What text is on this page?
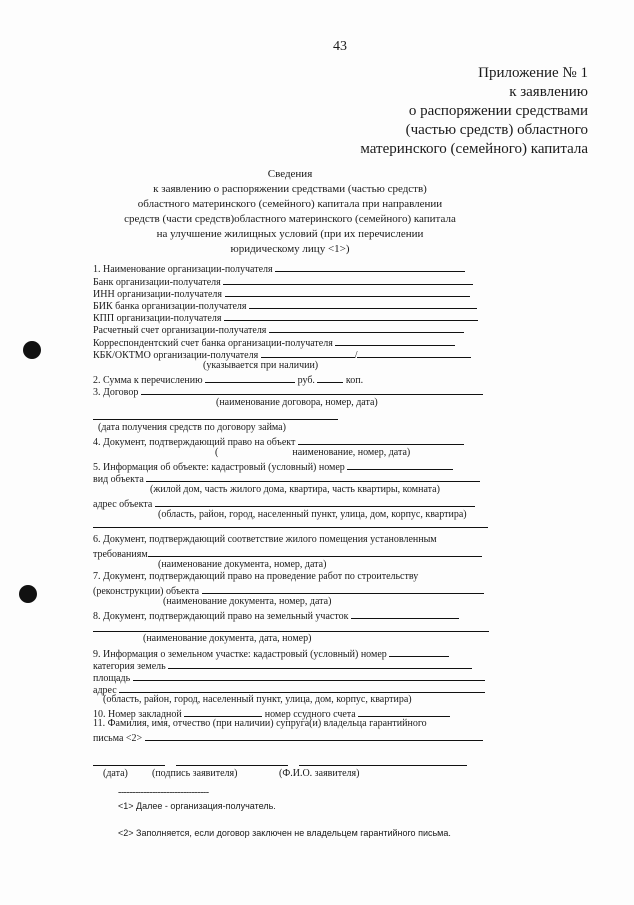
43
Приложение № 1
к заявлению
о распоряжении средствами
(частью средств) областного
материнского (семейного) капитала
Сведения
к заявлению о распоряжении средствами (частью средств)
областного материнского (семейного) капитала при направлении
средств (части средств)областного материнского (семейного) капитала
на улучшение жилищных условий (при их перечислении
юридическому лицу <1>)
1. Наименование организации-получателя
Банк организации-получателя
ИНН организации-получателя
БИК банка организации-получателя
КПП организации-получателя
Расчетный счет организации-получателя
Корреспондентский счет банка организации-получателя
КБК/ОКТМО организации-получателя	/
(указывается при наличии)
2. Сумма к перечислению	руб.	коп.
3. Договор
(наименование договора, номер, дата)
(дата получения средств по договору займа)
4. Документ, подтверждающий право на объект
(	наименование, номер, дата)
5. Информация об объекте: кадастровый (условный) номер
вид объекта
(жилой дом, часть жилого дома, квартира, часть квартиры, комната)
адрес объекта
(область, район, город, населенный пункт, улица, дом, корпус, квартира)
6. Документ, подтверждающий соответствие жилого помещения установленным
требованиям
(наименование документа, номер, дата)
7. Документ, подтверждающий право на проведение работ по строительству
(реконструкции) объекта
(наименование документа, номер, дата)
8. Документ, подтверждающий право на земельный участок
(наименование документа, дата, номер)
9. Информация о земельном участке: кадастровый (условный) номер
категория земель
площадь
адрес
(область, район, город, населенный пункт, улица, дом, корпус, квартира)
10. Номер закладной	номер ссудного счета
11. Фамилия, имя, отчество (при наличии) супруга(и) владельца гарантийного
письма <2>

(дата) (подпись заявителя)	(Ф.И.О. заявителя)
--------------------------------
<1> Далее - организация-получатель.
<2> Заполняется, если договор заключен не владельцем гарантийного письма.
